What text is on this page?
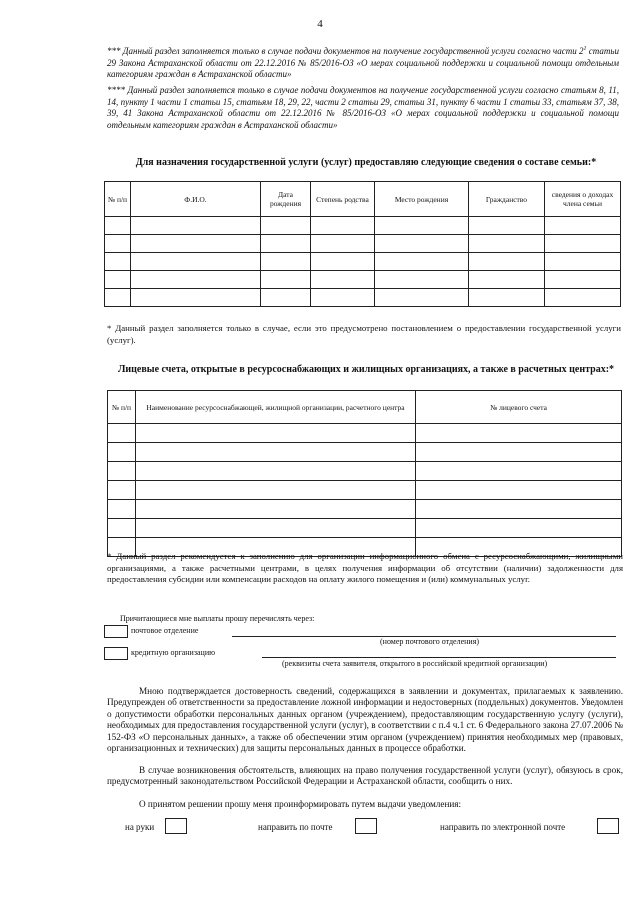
4
*** Данный раздел заполняется только в случае подачи документов на получение государственной услуги согласно части $2^1$ статьи 29 Закона Астраханской области от 22.12.2016 № 85/2016-ОЗ «О мерах социальной поддержки и социальной помощи отдельным категориям граждан в Астраханской области»
**** Данный раздел заполняется только в случае подачи документов на получение государственной услуги согласно статьям 8, 11, 14, пункту 1 части 1 статьи 15, статьям 18, 29, 22, части 2 статьи 29, статьи 31, пункту 6 части 1 статьи 33, статьям 37, 38, 39, 41 Закона Астраханской области от 22.12.2016 № 85/2016-ОЗ «О мерах социальной поддержки и социальной помощи отдельным категориям граждан в Астраханской области»
Для назначения государственной услуги (услуг) предоставляю следующие сведения о составе семьи:*
№ п/п	Ф.И.О.	Дата рождения	Степень родства	Место рождения	Гражданство	сведения о доходах члена семьи

* Данный раздел заполняется только в случае, если это предусмотрено постановлением о предоставлении государственной услуги (услуг).
Лицевые счета, открытые в ресурсоснабжающих и жилищных организациях, а также в расчетных центрах:*
№ п/п	Наименование ресурсоснабжающей, жилищной организации, расчетного центра	№ лицевого счета

* Данный раздел рекомендуется к заполнению для организации информационного обмена с ресурсоснабжающими, жилищными организациями, а также расчетными центрами, в целях получения информации об отсутствии (наличии) задолженности для предоставления субсидии или компенсации расходов на оплату жилого помещения и (или) коммунальных услуг.
Причитающиеся мне выплаты прошу перечислять через:
почтовое отделение
(номер почтового отделения)
кредитную организацию
(реквизиты счета заявителя, открытого в российской кредитной организации)
Мною подтверждается достоверность сведений, содержащихся в заявлении и документах, прилагаемых к заявлению. Предупрежден об ответственности за предоставление ложной информации и недостоверных (поддельных) документов. Уведомлен о допустимости обработки персональных данных органом (учреждением), предоставляющим государственную услугу (услуги), необходимых для предоставления государственной услуги (услуг), в соответствии с п.4 ч.1 ст. 6 Федерального закона 27.07.2006 № 152-ФЗ «О персональных данных», а также об обеспечении этим органом (учреждением) принятия необходимых мер (правовых, организационных и технических) для защиты персональных данных в процессе обработки.
В случае возникновения обстоятельств, влияющих на право получения государственной услуги (услуг), обязуюсь в срок, предусмотренный законодательством Российской Федерации и Астраханской области, сообщить о них.
О принятом решении прошу меня проинформировать путем выдачи уведомления:
на руки	направить по почте	направить по электронной почте
